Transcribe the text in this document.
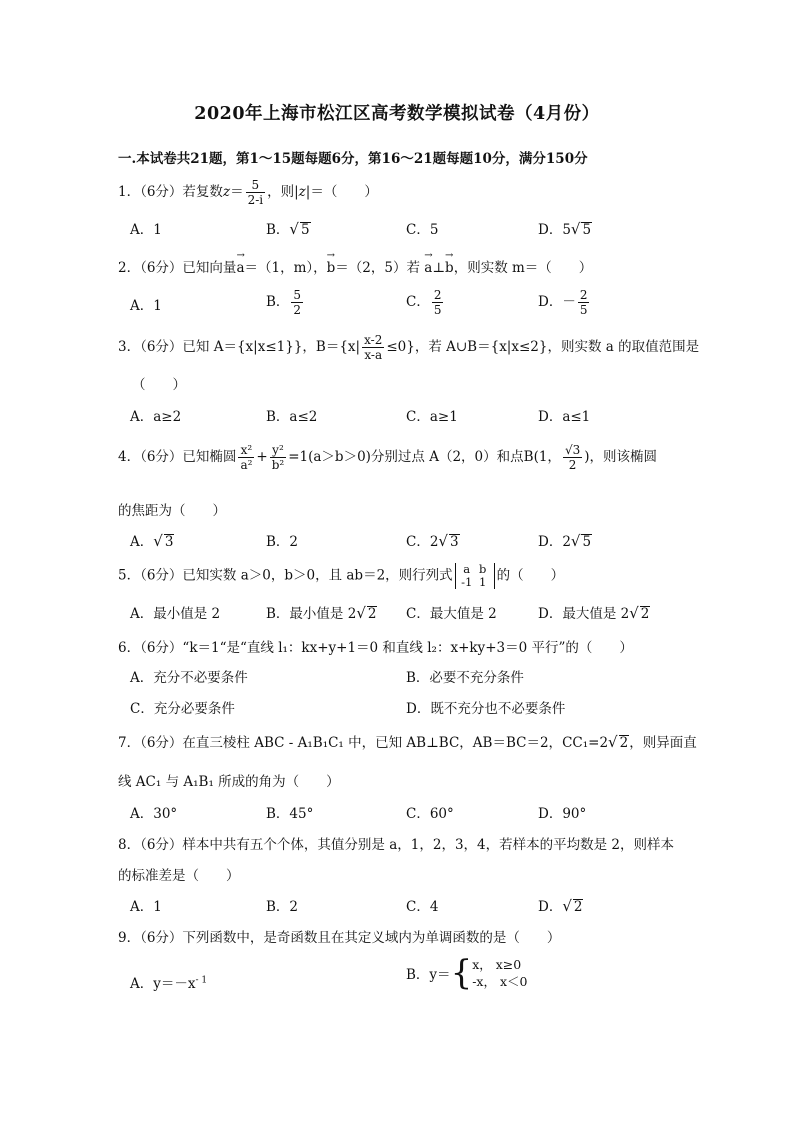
2020年上海市松江区高考数学模拟试卷（4月份）
一.本试卷共21题，第1～15题每题6分，第16～21题每题10分，满分150分
1．（6分）若复数$z= \frac{5}{2-i}$ ，则|z|＝（　　）
A．1	B．√ 5	C．5	D．5√ 5
2．（6分）已知向量
→
a＝（1，m），
→
b＝（2，5）若
→
a⊥
→
b，则实数 m＝（　　）
A．1	B． $\frac{5}{2}$	C． $\frac{2}{5}$	D．－ $\frac{2}{5}$
3．（6分）已知 A＝{x|x≤1}}，$B=\{x| \frac{x-2}{x-a} \le 0\}$，若 A∪B＝{x|x≤2}，则实数 a 的取值范围是
（　　）
A．a≥2	B．a≤2	C．a≥1	D．a≤1
4．（6分）已知椭圆 $\frac{\text{x²}}{\text{a²}} + \frac{\text{y²}}{\text{b²}} =1(a>b>0)$分别过点 A（2，0）和点B(1， $\frac{√3}{2}$ )，则该椭圆
的焦距为（　　）
A．√ 3	B．2	C．2√ 3	D．2√ 5
5．（6分）已知实数 a＞0，b＞0，且 ab＝2，则行列式 a b
-1 1 的（　　）
A．最小值是 2	B．最小值是 2√ 2 C．最大值是 2	D．最大值是 2√ 2
6．（6分）“k＝1“是“直线 l₁：kx+y+1＝0 和直线 l₂：x+ky+3＝0 平行”的（　　）
A．充分不必要条件	B．必要不充分条件
C．充分必要条件	D．既不充分也不必要条件
7．（6分）在直三棱柱 ABC - A₁B₁C₁ 中，已知 AB⊥BC，AB＝BC＝2，CC₁=2√ 2，则异面直
线 AC₁ 与 A₁B₁ 所成的角为（　　）
A．30°	B．45°	C．60°	D．90°
8．（6分）样本中共有五个个体，其值分别是 a，1，2，3，4，若样本的平均数是 2，则样本
的标准差是（　　）
A．1	B．2	C．4	D．√ 2
9．（6分）下列函数中，是奇函数且在其定义域内为单调函数的是（　　）
A．$y=-x^{- 1}$	B．y＝{x， x≥0
-x， x＜0
